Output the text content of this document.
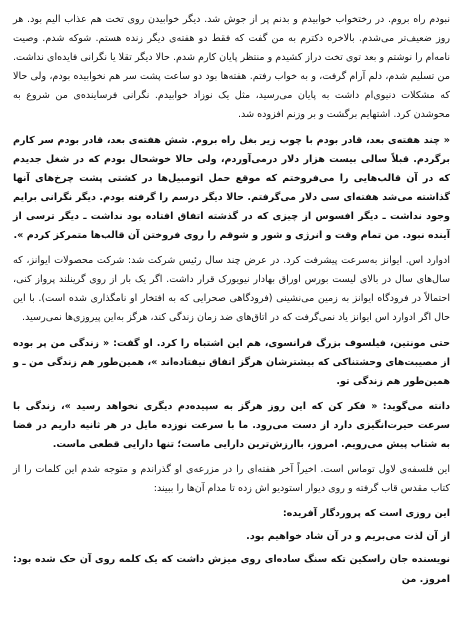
نبودم راه بروم. در رختخواب خوابیدم و بدنم پر از جوش شد. دیگر خوابیدن روی تخت هم عذاب الیم بود. هر روز ضعیف‌تر می‌شدم. بالاخره دکترم به من گفت که فقط دو هفته‌ی دیگر زنده هستم. شوکه شدم. وصیت نامه‌ام را نوشتم و بعد توی تخت دراز کشیدم و منتظر پایان کارم شدم. حالا دیگر تقلا یا نگرانی فایده‌ای نداشت. من تسلیم شدم، دلم آرام گرفت، و به خواب رفتم. هفته‌ها بود دو ساعت پشت سر هم نخوابیده بودم، ولی حالا که مشکلات دنیوی‌ام داشت به پایان می‌رسید، مثل یک نوزاد خوابیدم. نگرانی فرساینده‌ی من شروع به محوشدن کرد. اشتهایم برگشت و بر وزنم افزوده شد.

« چند هفته‌ی بعد، قادر بودم با چوب زیر بغل راه بروم. شش هفته‌ی بعد، قادر بودم سر کارم برگردم. قبلاً سالی بیست هزار دلار درمی‌آوردم، ولی حالا خوشحال بودم که در شغل جدیدم که در آن قالب‌هایی را می‌فروختم که موقع حمل اتومبیل‌ها در کشتی پشت چرخ‌های آنها گذاشته می‌شد هفته‌ای سی دلار می‌گرفتم. حالا دیگر درسم را گرفته بودم. دیگر نگرانی برایم وجود نداشت ـ دیگر افسوس از چیزی که در گذشته اتفاق افتاده بود نداشت ـ دیگر ترسی از آینده نبود. من تمام وقت و انرژی و شور و شوقم را روی فروختن آن قالب‌ها متمرکز کردم ».

ادوارد اس. ایوانز به‌سرعت پیشرفت کرد. در عرض چند سال رئیس شرکت شد: شرکت محصولات ایوانز، که سال‌های سال در بالای لیست بورس اوراق بهادار نیویورک قرار داشت. اگر یک بار از روی گرینلند پرواز کنی، احتمالاً در فرودگاه ایوانز به زمین می‌نشینی (فرودگاهی صحرایی که به افتخار او نامگذاری شده است). با این حال اگر ادوارد اس ایوانز یاد نمی‌گرفت که در اتاق‌های ضد زمان زندگی کند، هرگز به‌این پیروزی‌ها نمی‌رسید.

حتی مونتین، فیلسوف بزرگ فرانسوی، هم این اشتباه را کرد. او گفت: « زندگی من پر بوده از مصیبت‌های وحشتناکی که بیشترشان هرگز اتفاق نیفتاده‌اند »، همین‌طور هم زندگی من ـ و همین‌طور هم زندگی تو.

دانته می‌گوید: « فکر کن که این روز هرگز به سپیده‌دم دیگری نخواهد رسید »، زندگی با سرعت حیرت‌انگیزی دارد از دست می‌رود. ما با سرعت نوزده مایل در هر ثانیه داریم در فضا به شتاب پیش می‌رویم. امروز، باارزش‌ترین دارایی ماست؛ تنها دارایی قطعی ماست.

این فلسفه‌ی لاول توماس است. اخیراً آخر هفته‌ای را در مزرعه‌ی او گذراندم و متوجه شدم این کلمات را از کتاب مقدس قاب گرفته و روی دیوار استودیو اش زده تا مدام آن‌ها را ببیند:

این روزی است که پروردگار آفریده:

از آن لذت می‌بریم و در آن شاد خواهیم بود.

نویسنده جان راسکین تکه سنگ ساده‌ای روی میزش داشت که یک کلمه روی آن حک شده بود: امروز. من
